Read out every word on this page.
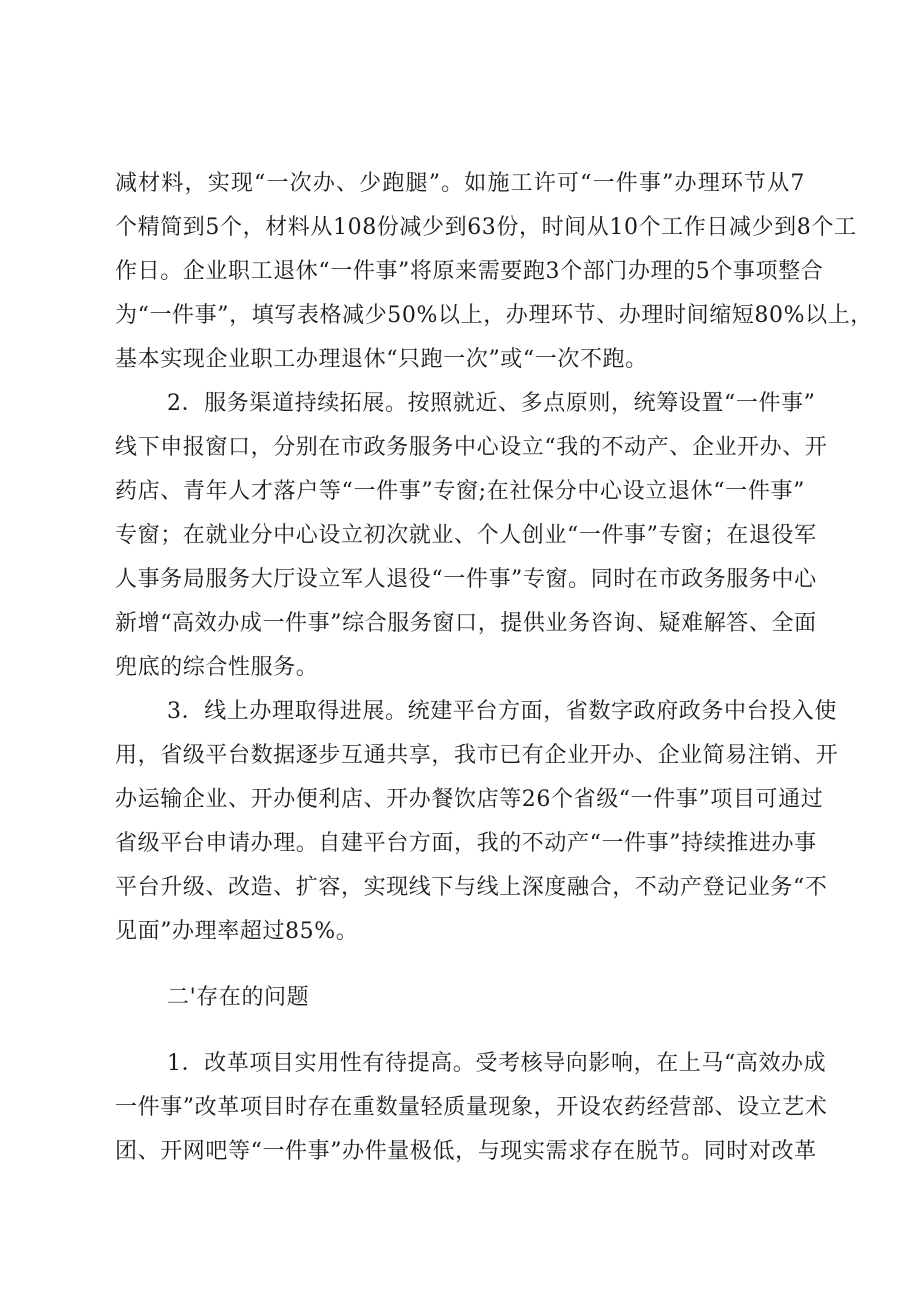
减材料，实现“一次办、少跑腿”。如施工许可“一件事”办理环节从7

个精简到5个，材料从108份减少到63份，时间从10个工作日减少到8个工

作日。企业职工退休“一件事”将原来需要跑3个部门办理的5个事项整合

为“一件事”，填写表格减少50%以上，办理环节、办理时间缩短80%以上，

基本实现企业职工办理退休“只跑一次”或“一次不跑。

2．服务渠道持续拓展。按照就近、多点原则，统筹设置“一件事”

线下申报窗口，分别在市政务服务中心设立“我的不动产、企业开办、开

药店、青年人才落户等“一件事”专窗;在社保分中心设立退休“一件事”

专窗；在就业分中心设立初次就业、个人创业“一件事”专窗；在退役军

人事务局服务大厅设立军人退役“一件事”专窗。同时在市政务服务中心

新增“高效办成一件事”综合服务窗口，提供业务咨询、疑难解答、全面

兜底的综合性服务。

3．线上办理取得进展。统建平台方面，省数字政府政务中台投入使

用，省级平台数据逐步互通共享，我市已有企业开办、企业简易注销、开

办运输企业、开办便利店、开办餐饮店等26个省级“一件事”项目可通过

省级平台申请办理。自建平台方面，我的不动产“一件事”持续推进办事

平台升级、改造、扩容，实现线下与线上深度融合，不动产登记业务“不

见面”办理率超过85%。

二'存在的问题

1．改革项目实用性有待提高。受考核导向影响，在上马“高效办成

一件事”改革项目时存在重数量轻质量现象，开设农药经营部、设立艺术

团、开网吧等“一件事”办件量极低，与现实需求存在脱节。同时对改革
